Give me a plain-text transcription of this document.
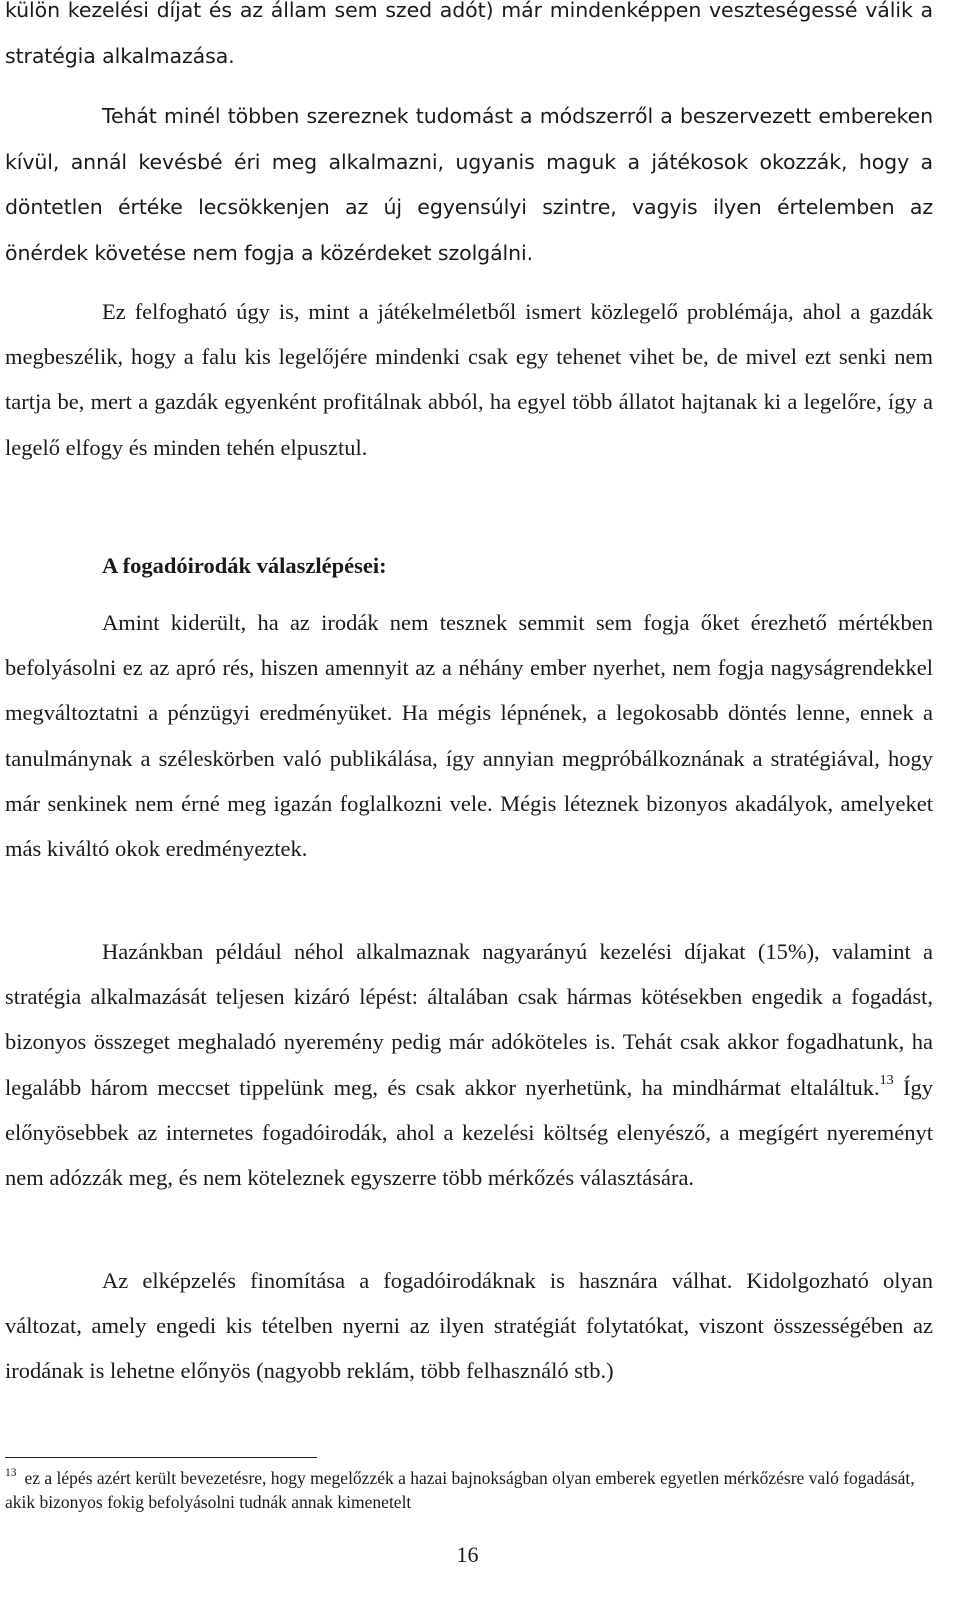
külön kezelési díjat és az állam sem szed adót) már mindenképpen veszteségessé válik a stratégia alkalmazása.

Tehát minél többen szereznek tudomást a módszerről a beszervezett embereken kívül, annál kevésbé éri meg alkalmazni, ugyanis maguk a játékosok okozzák, hogy a döntetlen értéke lecsökkenjen az új egyensúlyi szintre, vagyis ilyen értelemben az önérdek követése nem fogja a közérdeket szolgálni.

Ez felfogható úgy is, mint a játékelméletből ismert közlegelő problémája, ahol a gazdák megbeszélik, hogy a falu kis legelőjére mindenki csak egy tehenet vihet be, de mivel ezt senki nem tartja be, mert a gazdák egyenként profitálnak abból, ha egyel több állatot hajtanak ki a legelőre, így a legelő elfogy és minden tehén elpusztul.

A fogadóirodák válaszlépései:

Amint kiderült, ha az irodák nem tesznek semmit sem fogja őket érezhető mértékben befolyásolni ez az apró rés, hiszen amennyit az a néhány ember nyerhet, nem fogja nagyságrendekkel megváltoztatni a pénzügyi eredményüket. Ha mégis lépnének, a legokosabb döntés lenne, ennek a tanulmánynak a széleskörben való publikálása, így annyian megpróbálkoznának a stratégiával, hogy már senkinek nem érné meg igazán foglalkozni vele. Mégis léteznek bizonyos akadályok, amelyeket más kiváltó okok eredményeztek.

Hazánkban például néhol alkalmaznak nagyarányú kezelési díjakat (15%), valamint a stratégia alkalmazását teljesen kizáró lépést: általában csak hármas kötésekben engedik a fogadást, bizonyos összeget meghaladó nyeremény pedig már adóköteles is. Tehát csak akkor fogadhatunk, ha legalább három meccset tippelünk meg, és csak akkor nyerhetünk, ha mindhármat eltaláltuk.$^{13}$ Így előnyösebbek az internetes fogadóirodák, ahol a kezelési költség elenyésző, a megígért nyereményt nem adózzák meg, és nem köteleznek egyszerre több mérkőzés választására.

Az elképzelés finomítása a fogadóirodáknak is hasznára válhat. Kidolgozható olyan változat, amely engedi kis tételben nyerni az ilyen stratégiát folytatókat, viszont összességében az irodának is lehetne előnyös (nagyobb reklám, több felhasználó stb.)

$^{13}$ ez a lépés azért került bevezetésre, hogy megelőzzék a hazai bajnokságban olyan emberek egyetlen mérkőzésre való fogadását, akik bizonyos fokig befolyásolni tudnák annak kimenetelt

16
